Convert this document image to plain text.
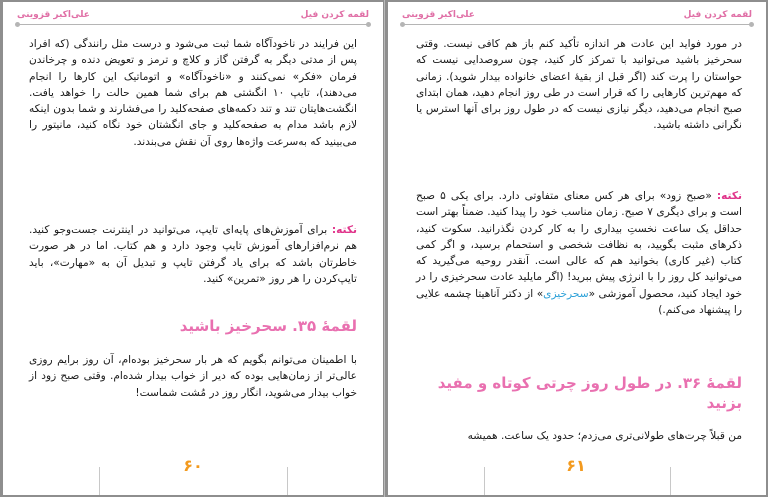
لقمه کردن فیل
علی‌اکبر قزوینی

این فرایند در ناخودآگاه شما ثبت می‌شود و درست مثل رانندگی (که افراد پس از مدتی دیگر به گرفتن گاز و کلاچ و ترمز و تعویض دنده و چرخاندن فرمان «فکر» نمی‌کنند و «ناخودآگاه» و اتوماتیک این کارها را انجام می‌دهند)، تایپ ۱۰ انگشتی هم برای شما همین حالت را خواهد یافت. انگشت‌هایتان تند و تند دکمه‌های صفحه‌کلید را می‌فشارند و شما بدون اینکه لازم باشد مدام به صفحه‌کلید و جای انگشتان خود نگاه کنید، مانیتور را می‌بینید که به‌سرعت واژه‌ها روی آن نقش می‌بندند.

نکته: برای آموزش‌های پایه‌ای تایپ، می‌توانید در اینترنت جست‌وجو کنید. هم نرم‌افزارهای آموزش تایپ وجود دارد و هم کتاب. اما در هر صورت خاطرتان باشد که برای یاد گرفتن تایپ و تبدیل آن به «مهارت»، باید تایپ‌کردن را هر روز «تمرین» کنید.

لقمهٔ ۳۵. سحرخیز باشید

با اطمینان می‌توانم بگویم که هر بار سحرخیز بوده‌ام، آن روز برایم روزی عالی‌تر از زمان‌هایی بوده که دیر از خواب بیدار شده‌ام. وقتی صبح زود از خواب بیدار می‌شوید، انگار روز در مُشت شماست!

۶۰
لقمه کردن فیل
علی‌اکبر قزوینی

در مورد فواید این عادت هر اندازه تأکید کنم باز هم کافی نیست. وقتی سحرخیز باشید می‌توانید با تمرکز کار کنید، چون سروصدایی نیست که حواستان را پرت کند (اگر قبل از بقیهٔ اعضای خانواده بیدار شوید). زمانی که مهم‌ترین کارهایی را که قرار است در طی روز انجام دهید، همان ابتدای صبح انجام می‌دهید، دیگر نیازی نیست که در طول روز برای آنها استرس یا نگرانی داشته باشید.

نکته: «صبح زود» برای هر کس معنای متفاوتی دارد. برای یکی ۵ صبح است و برای دیگری ۷ صبح. زمان مناسب خود را پیدا کنید. ضمناً بهتر است حداقل یک ساعت نخستِ بیداری را به کار کردن نگذرانید. سکوت کنید، ذکرهای مثبت بگویید، به نظافت شخصی و استحمام برسید، و اگر کمی کتاب (غیر کاری) بخوانید هم که عالی است. آنقدر روحیه می‌گیرید که می‌توانید کل روز را با انرژی پیش ببرید! (اگر مایلید عادت سحرخیزی را در خود ایجاد کنید، محصول آموزشی «سحرخیزی» از دکتر آناهیتا چشمه علایی را پیشنهاد می‌کنم.)

لقمهٔ ۳۶. در طول روز چرتی کوتاه و مفید بزنید

من قبلاً چرت‌های طولانی‌تری می‌زدم؛ حدود یک ساعت. همیشه

۶۱
